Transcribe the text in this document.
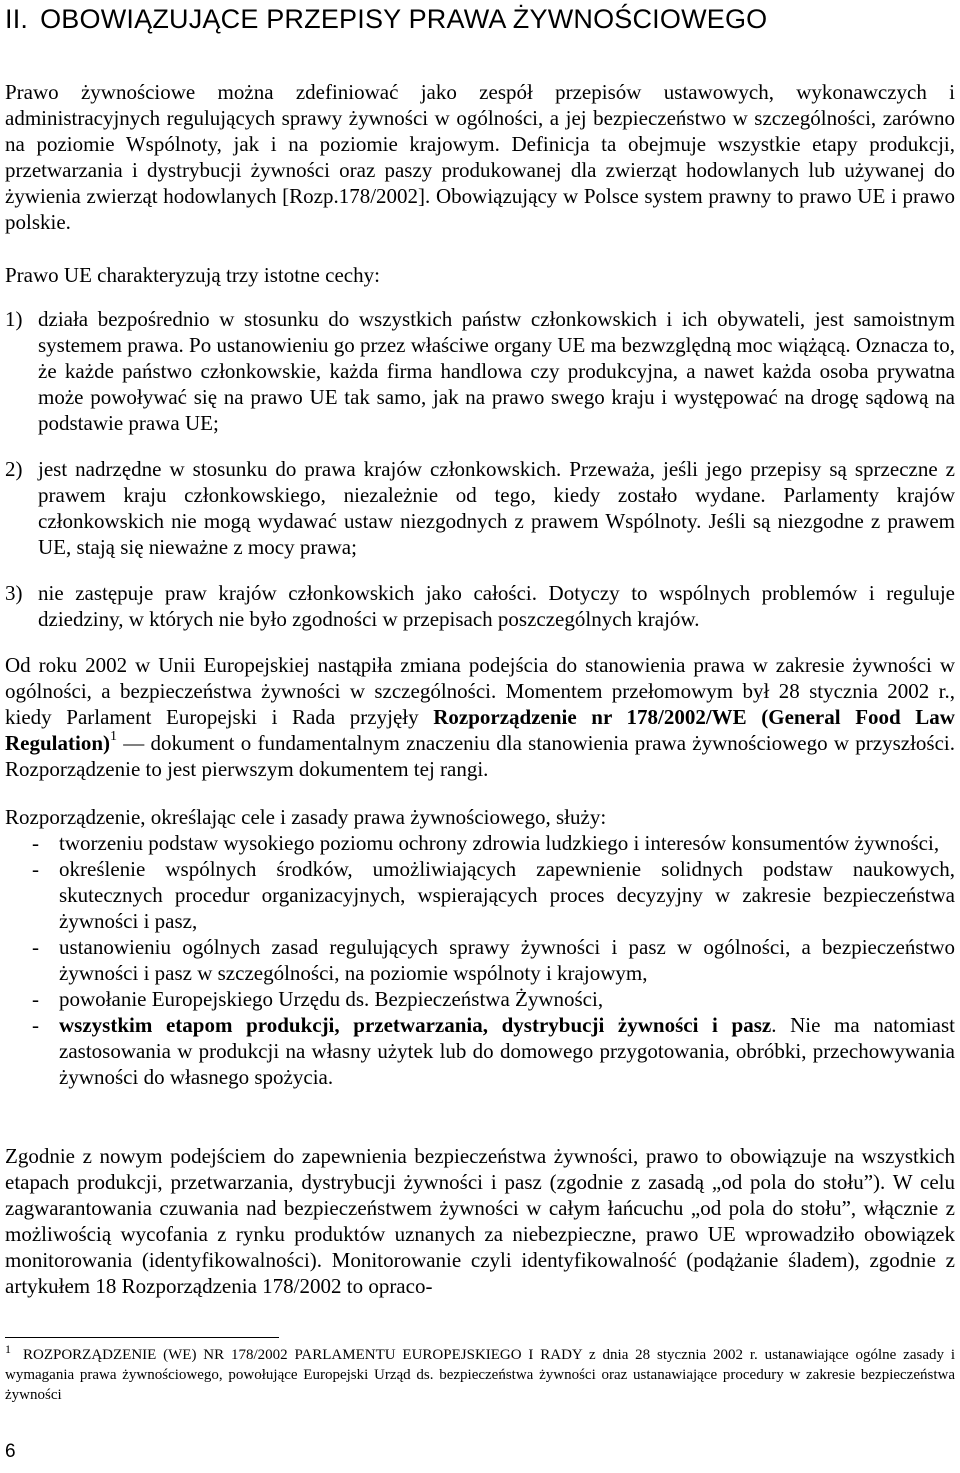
II. OBOWIĄZUJĄCE PRZEPISY PRAWA ŻYWNOŚCIOWEGO

Prawo żywnościowe można zdefiniować jako zespół przepisów ustawowych, wykonawczych i administracyjnych regulujących sprawy żywności w ogólności, a jej bezpieczeństwo w szczególności, zarówno na poziomie Wspólnoty, jak i na poziomie krajowym. Definicja ta obejmuje wszystkie etapy produkcji, przetwarzania i dystrybucji żywności oraz paszy produkowanej dla zwierząt hodowlanych lub używanej do żywienia zwierząt hodowlanych [Rozp.178/2002]. Obowiązujący w Polsce system prawny to prawo UE i prawo polskie.

Prawo UE charakteryzują trzy istotne cechy:

1) działa bezpośrednio w stosunku do wszystkich państw członkowskich i ich obywateli, jest samoistnym systemem prawa. Po ustanowieniu go przez właściwe organy UE ma bezwzględną moc wiążącą. Oznacza to, że każde państwo członkowskie, każda firma handlowa czy produkcyjna, a nawet każda osoba prywatna może powoływać się na prawo UE tak samo, jak na prawo swego kraju i występować na drogę sądową na podstawie prawa UE;
2) jest nadrzędne w stosunku do prawa krajów członkowskich. Przeważa, jeśli jego przepisy są sprzeczne z prawem kraju członkowskiego, niezależnie od tego, kiedy zostało wydane. Parlamenty krajów członkowskich nie mogą wydawać ustaw niezgodnych z prawem Wspólnoty. Jeśli są niezgodne z prawem UE, stają się nieważne z mocy prawa;
3) nie zastępuje praw krajów członkowskich jako całości. Dotyczy to wspólnych problemów i reguluje dziedziny, w których nie było zgodności w przepisach poszczególnych krajów.

Od roku 2002 w Unii Europejskiej nastąpiła zmiana podejścia do stanowienia prawa w zakresie żywności w ogólności, a bezpieczeństwa żywności w szczególności. Momentem przełomowym był 28 stycznia 2002 r., kiedy Parlament Europejski i Rada przyjęły Rozporządzenie nr 178/2002/WE (General Food Law Regulation)$^1$ — dokument o fundamentalnym znaczeniu dla stanowienia prawa żywnościowego w przyszłości. Rozporządzenie to jest pierwszym dokumentem tej rangi.

Rozporządzenie, określając cele i zasady prawa żywnościowego, służy:

- tworzeniu podstaw wysokiego poziomu ochrony zdrowia ludzkiego i interesów konsumentów żywności,
- określenie wspólnych środków, umożliwiających zapewnienie solidnych podstaw naukowych, skutecznych procedur organizacyjnych, wspierających proces decyzyjny w zakresie bezpieczeństwa żywności i pasz,
- ustanowieniu ogólnych zasad regulujących sprawy żywności i pasz w ogólności, a bezpieczeństwo żywności i pasz w szczególności, na poziomie wspólnoty i krajowym,
- powołanie Europejskiego Urzędu ds. Bezpieczeństwa Żywności,
- wszystkim etapom produkcji, przetwarzania, dystrybucji żywności i pasz. Nie ma natomiast zastosowania w produkcji na własny użytek lub do domowego przygotowania, obróbki, przechowywania żywności do własnego spożycia.

Zgodnie z nowym podejściem do zapewnienia bezpieczeństwa żywności, prawo to obowiązuje na wszystkich etapach produkcji, przetwarzania, dystrybucji żywności i pasz (zgodnie z zasadą „od pola do stołu”). W celu zagwarantowania czuwania nad bezpieczeństwem żywności w całym łańcuchu „od pola do stołu”, włącznie z możliwością wycofania z rynku produktów uznanych za niebezpieczne, prawo UE wprowadziło obowiązek monitorowania (identyfikowalności). Monitorowanie czyli identyfikowalność (podążanie śladem), zgodnie z artykułem 18 Rozporządzenia 178/2002 to opraco-

$^1$ ROZPORZĄDZENIE (WE) NR 178/2002 PARLAMENTU EUROPEJSKIEGO I RADY z dnia 28 stycznia 2002 r. ustanawiające ogólne zasady i wymagania prawa żywnościowego, powołujące Europejski Urząd ds. bezpieczeństwa żywności oraz ustanawiające procedury w zakresie bezpieczeństwa żywności
6
